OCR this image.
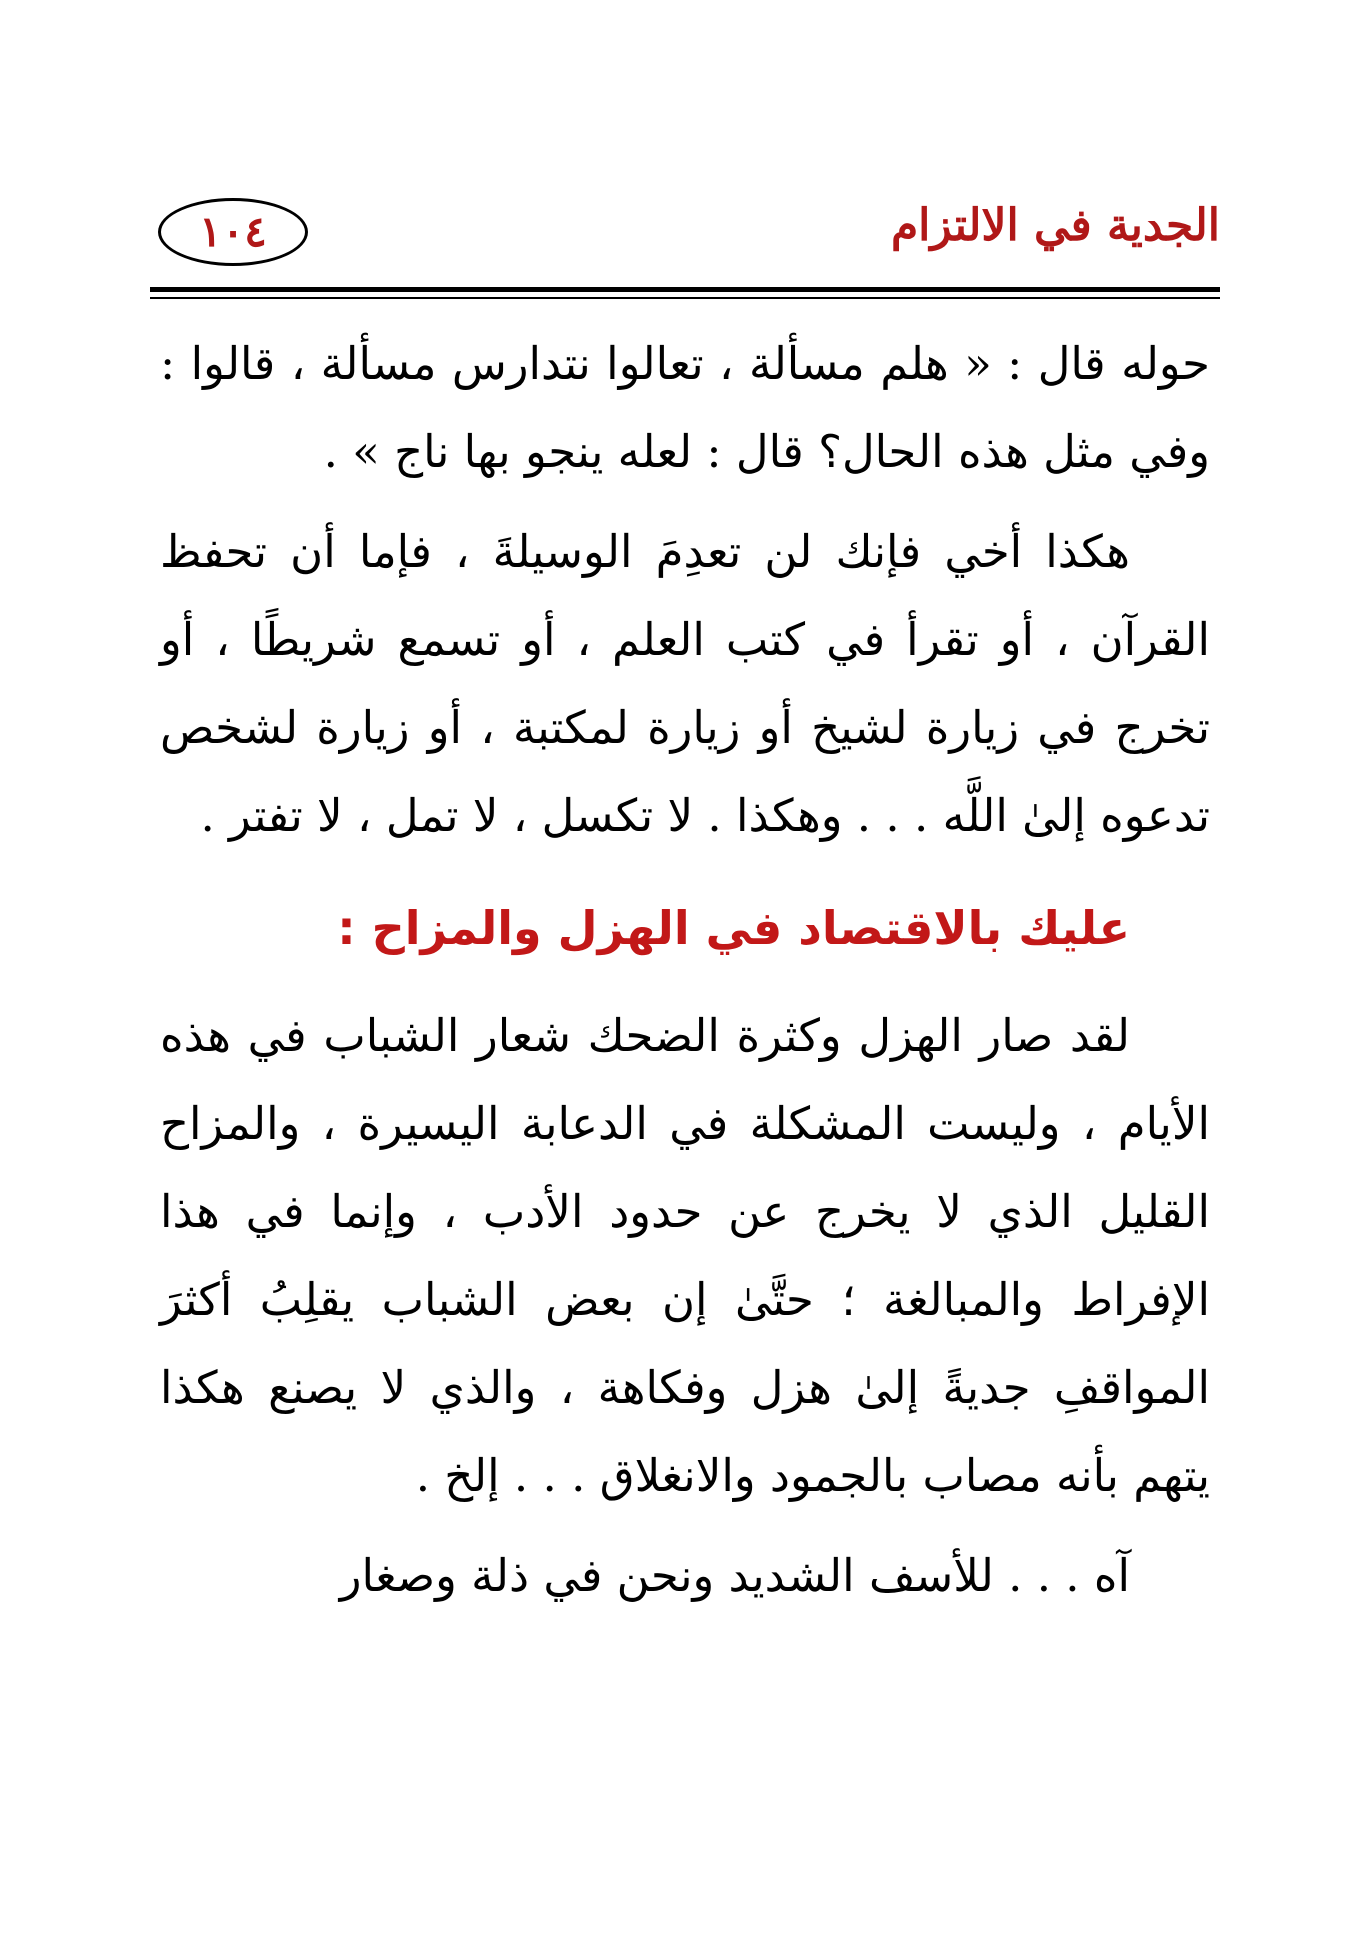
الجدية في الالتزام
١٠٤

حوله قال : « هلم مسألة ، تعالوا نتدارس مسألة ، قالوا : وفي مثل هذه الحال؟ قال : لعله ينجو بها ناج » .

هكذا أخي فإنك لن تعدِمَ الوسيلةَ ، فإما أن تحفظ القرآن ، أو تقرأ في كتب العلم ، أو تسمع شريطًا ، أو تخرج في زيارة لشيخ أو زيارة لمكتبة ، أو زيارة لشخص تدعوه إلىٰ اللَّه . . . وهكذا . لا تكسل ، لا تمل ، لا تفتر .

عليك بالاقتصاد في الهزل والمزاح :

لقد صار الهزل وكثرة الضحك شعار الشباب في هذه الأيام ، وليست المشكلة في الدعابة اليسيرة ، والمزاح القليل الذي لا يخرج عن حدود الأدب ، وإنما في هذا الإفراط والمبالغة ؛ حتَّىٰ إن بعض الشباب يقلِبُ أكثرَ المواقفِ جديةً إلىٰ هزل وفكاهة ، والذي لا يصنع هكذا يتهم بأنه مصاب بالجمود والانغلاق . . . إلخ .

آه . . . للأسف الشديد ونحن في ذلة وصغار
